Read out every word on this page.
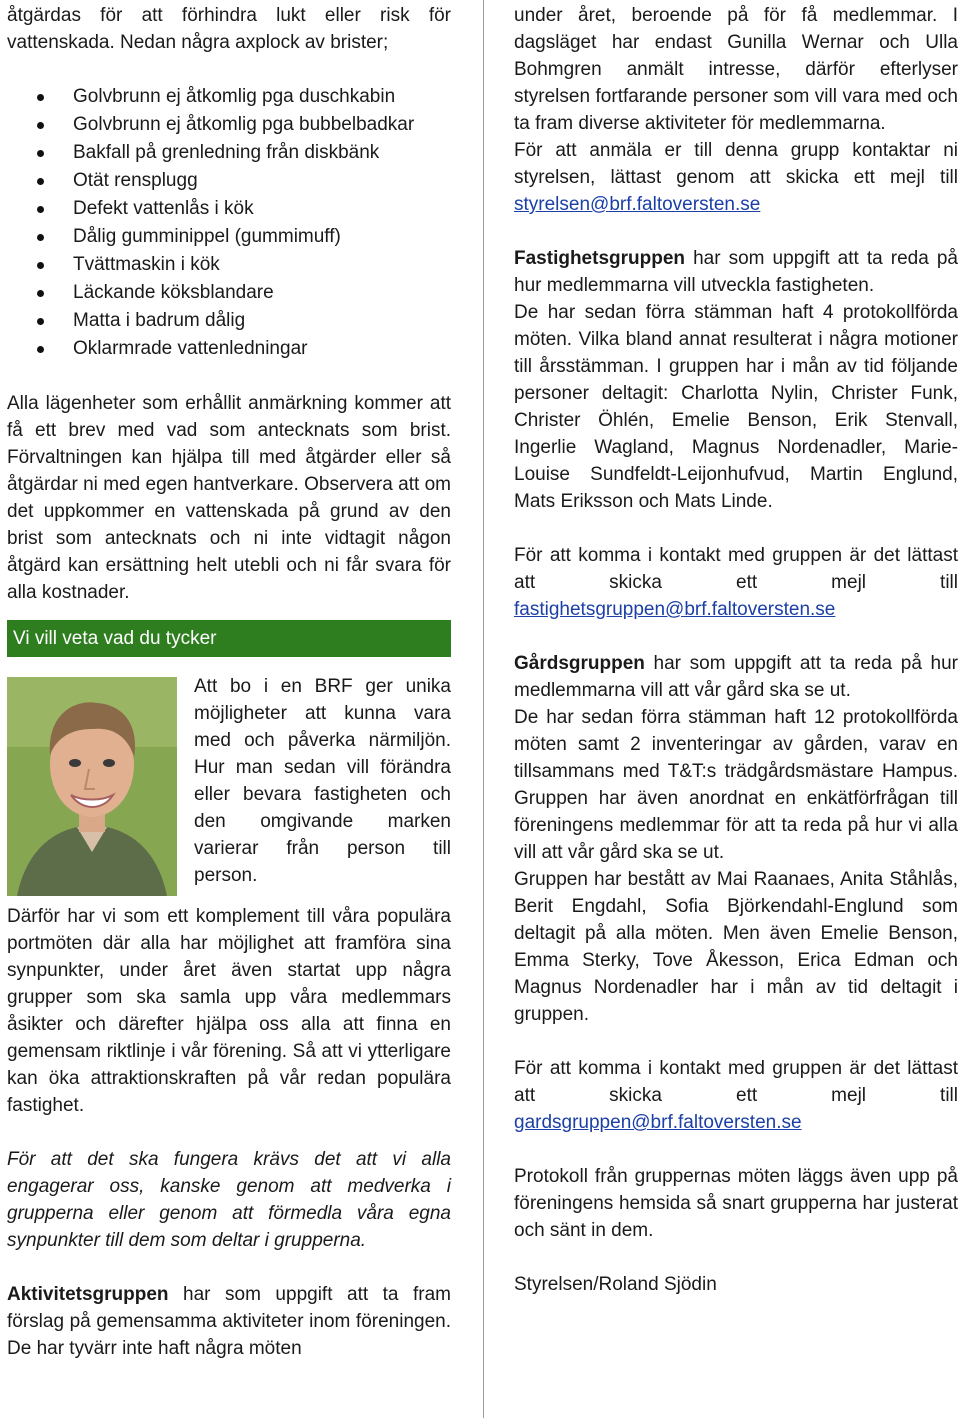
åtgärdas för att förhindra lukt eller risk för vattenskada. Nedan några axplock av brister;

Golvbrunn ej åtkomlig pga duschkabin
Golvbrunn ej åtkomlig pga bubbelbadkar
Bakfall på grenledning från diskbänk
Otät rensplugg
Defekt vattenlås i kök
Dålig gumminippel (gummimuff)
Tvättmaskin i kök
Läckande köksblandare
Matta i badrum dålig
Oklarmrade vattenledningar

Alla lägenheter som erhållit anmärkning kommer att få ett brev med vad som antecknats som brist. Förvaltningen kan hjälpa till med åtgärder eller så åtgärdar ni med egen hantverkare. Observera att om det uppkommer en vattenskada på grund av den brist som antecknats och ni inte vidtagit någon åtgärd kan ersättning helt utebli och ni får svara för alla kostnader.

Vi vill veta vad du tycker

Att bo i en BRF ger unika möjligheter att kunna vara med och påverka närmiljön. Hur man sedan vill förändra eller bevara fastigheten och den omgivande marken varierar från person till person.

Därför har vi som ett komplement till våra populära portmöten där alla har möjlighet att framföra sina synpunkter, under året även startat upp några grupper som ska samla upp våra medlemmars åsikter och därefter hjälpa oss alla att finna en gemensam riktlinje i vår förening. Så att vi ytterligare kan öka attraktionskraften på vår redan populära fastighet.

För att det ska fungera krävs det att vi alla engagerar oss, kanske genom att medverka i grupperna eller genom att förmedla våra egna synpunkter till dem som deltar i grupperna.

Aktivitetsgruppen har som uppgift att ta fram förslag på gemensamma aktiviteter inom föreningen. De har tyvärr inte haft några möten

under året, beroende på för få medlemmar. I dagsläget har endast Gunilla Wernar och Ulla Bohmgren anmält intresse, därför efterlyser styrelsen fortfarande personer som vill vara med och ta fram diverse aktiviteter för medlemmarna.

För att anmäla er till denna grupp kontaktar ni styrelsen, lättast genom att skicka ett mejl till styrelsen@brf.faltoversten.se

Fastighetsgruppen har som uppgift att ta reda på hur medlemmarna vill utveckla fastigheten.

De har sedan förra stämman haft 4 protokollförda möten. Vilka bland annat resulterat i några motioner till årsstämman. I gruppen har i mån av tid följande personer deltagit: Charlotta Nylin, Christer Funk, Christer Öhlén, Emelie Benson, Erik Stenvall, Ingerlie Wagland, Magnus Nordenadler, Marie-Louise Sundfeldt-Leijonhufvud, Martin Englund, Mats Eriksson och Mats Linde.

För att komma i kontakt med gruppen är det lättast att skicka ett mejl till fastighetsgruppen@brf.faltoversten.se

Gårdsgruppen har som uppgift att ta reda på hur medlemmarna vill att vår gård ska se ut.

De har sedan förra stämman haft 12 protokollförda möten samt 2 inventeringar av gården, varav en tillsammans med T&T:s trädgårdsmästare Hampus. Gruppen har även anordnat en enkätförfrågan till föreningens medlemmar för att ta reda på hur vi alla vill att vår gård ska se ut.

Gruppen har bestått av Mai Raanaes, Anita Ståhlås, Berit Engdahl, Sofia Björkendahl-Englund som deltagit på alla möten. Men även Emelie Benson, Emma Sterky, Tove Åkesson, Erica Edman och Magnus Nordenadler har i mån av tid deltagit i gruppen.

För att komma i kontakt med gruppen är det lättast att skicka ett mejl till gardsgruppen@brf.faltoversten.se

Protokoll från gruppernas möten läggs även upp på föreningens hemsida så snart grupperna har justerat och sänt in dem.

Styrelsen/Roland Sjödin
